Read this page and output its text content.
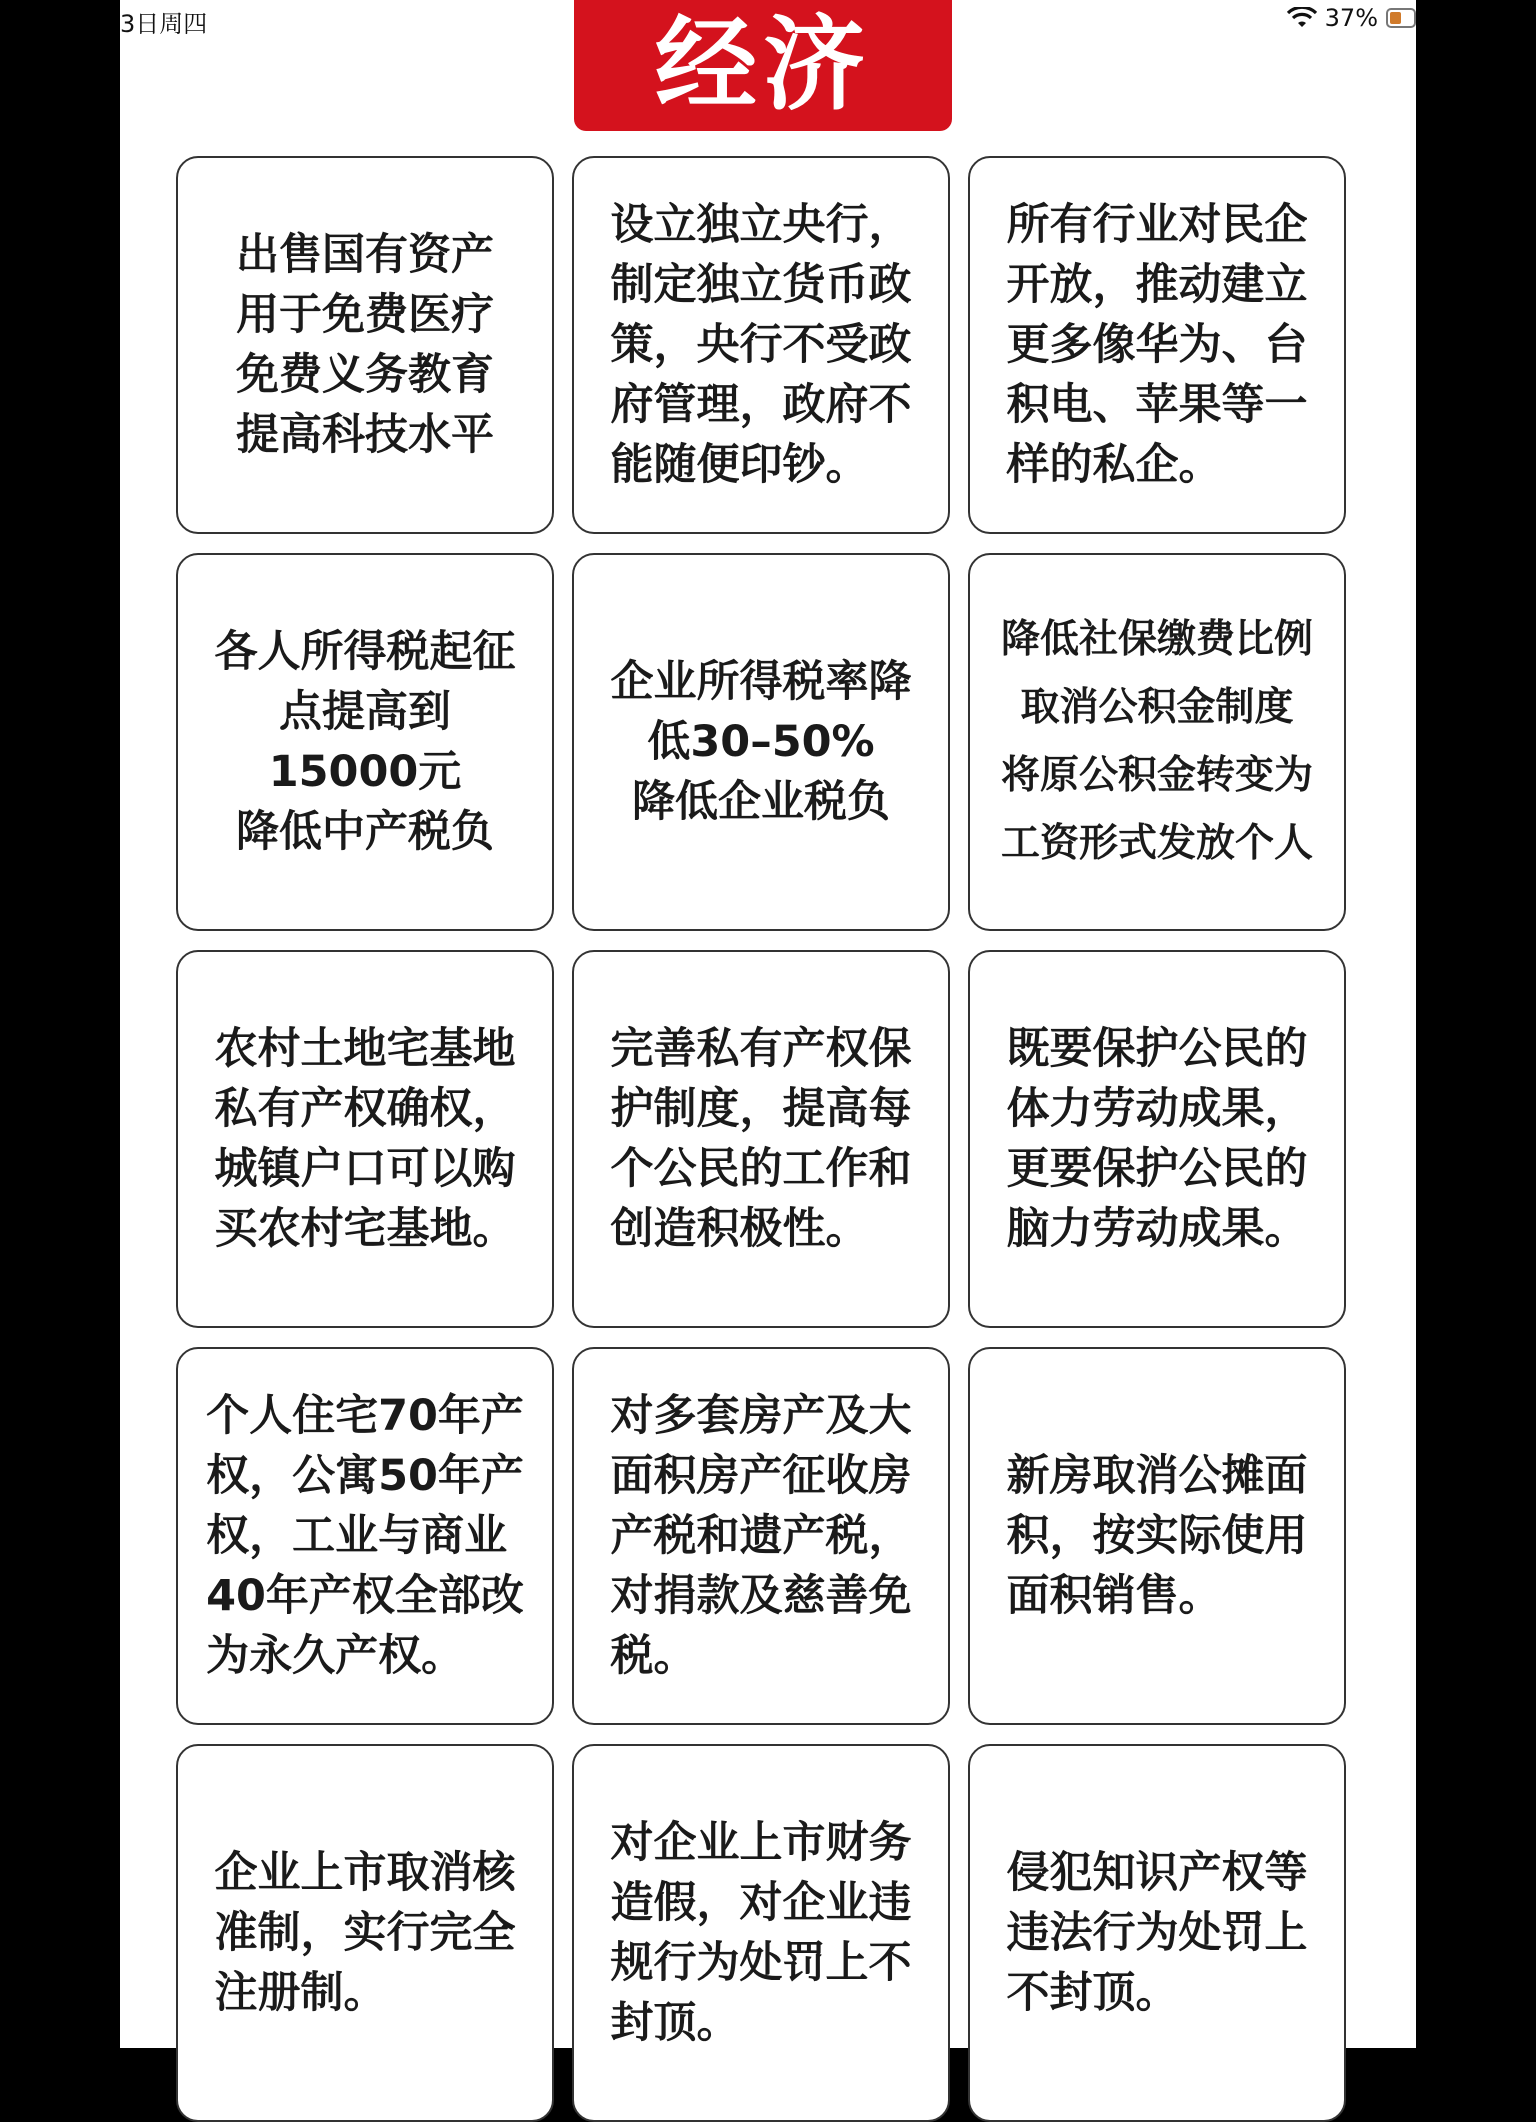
3日周四	37%
经济
出售国有资产
用于免费医疗
免费义务教育
提高科技水平
设立独立央行，
制定独立货币政
策，央行不受政
府管理，政府不
能随便印钞。
所有行业对民企
开放，推动建立
更多像华为、台
积电、苹果等一
样的私企。
各人所得税起征
点提高到
15000元
降低中产税负
企业所得税率降
低30–50%
降低企业税负
降低社保缴费比例
取消公积金制度
将原公积金转变为
工资形式发放个人
农村土地宅基地
私有产权确权，
城镇户口可以购
买农村宅基地。
完善私有产权保
护制度，提高每
个公民的工作和
创造积极性。
既要保护公民的
体力劳动成果，
更要保护公民的
脑力劳动成果。
个人住宅70年产
权，公寓50年产
权，工业与商业
40年产权全部改
为永久产权。
对多套房产及大
面积房产征收房
产税和遗产税，
对捐款及慈善免
税。
新房取消公摊面
积，按实际使用
面积销售。
企业上市取消核
准制，实行完全
注册制。
对企业上市财务
造假，对企业违
规行为处罚上不
封顶。
侵犯知识产权等
违法行为处罚上
不封顶。
